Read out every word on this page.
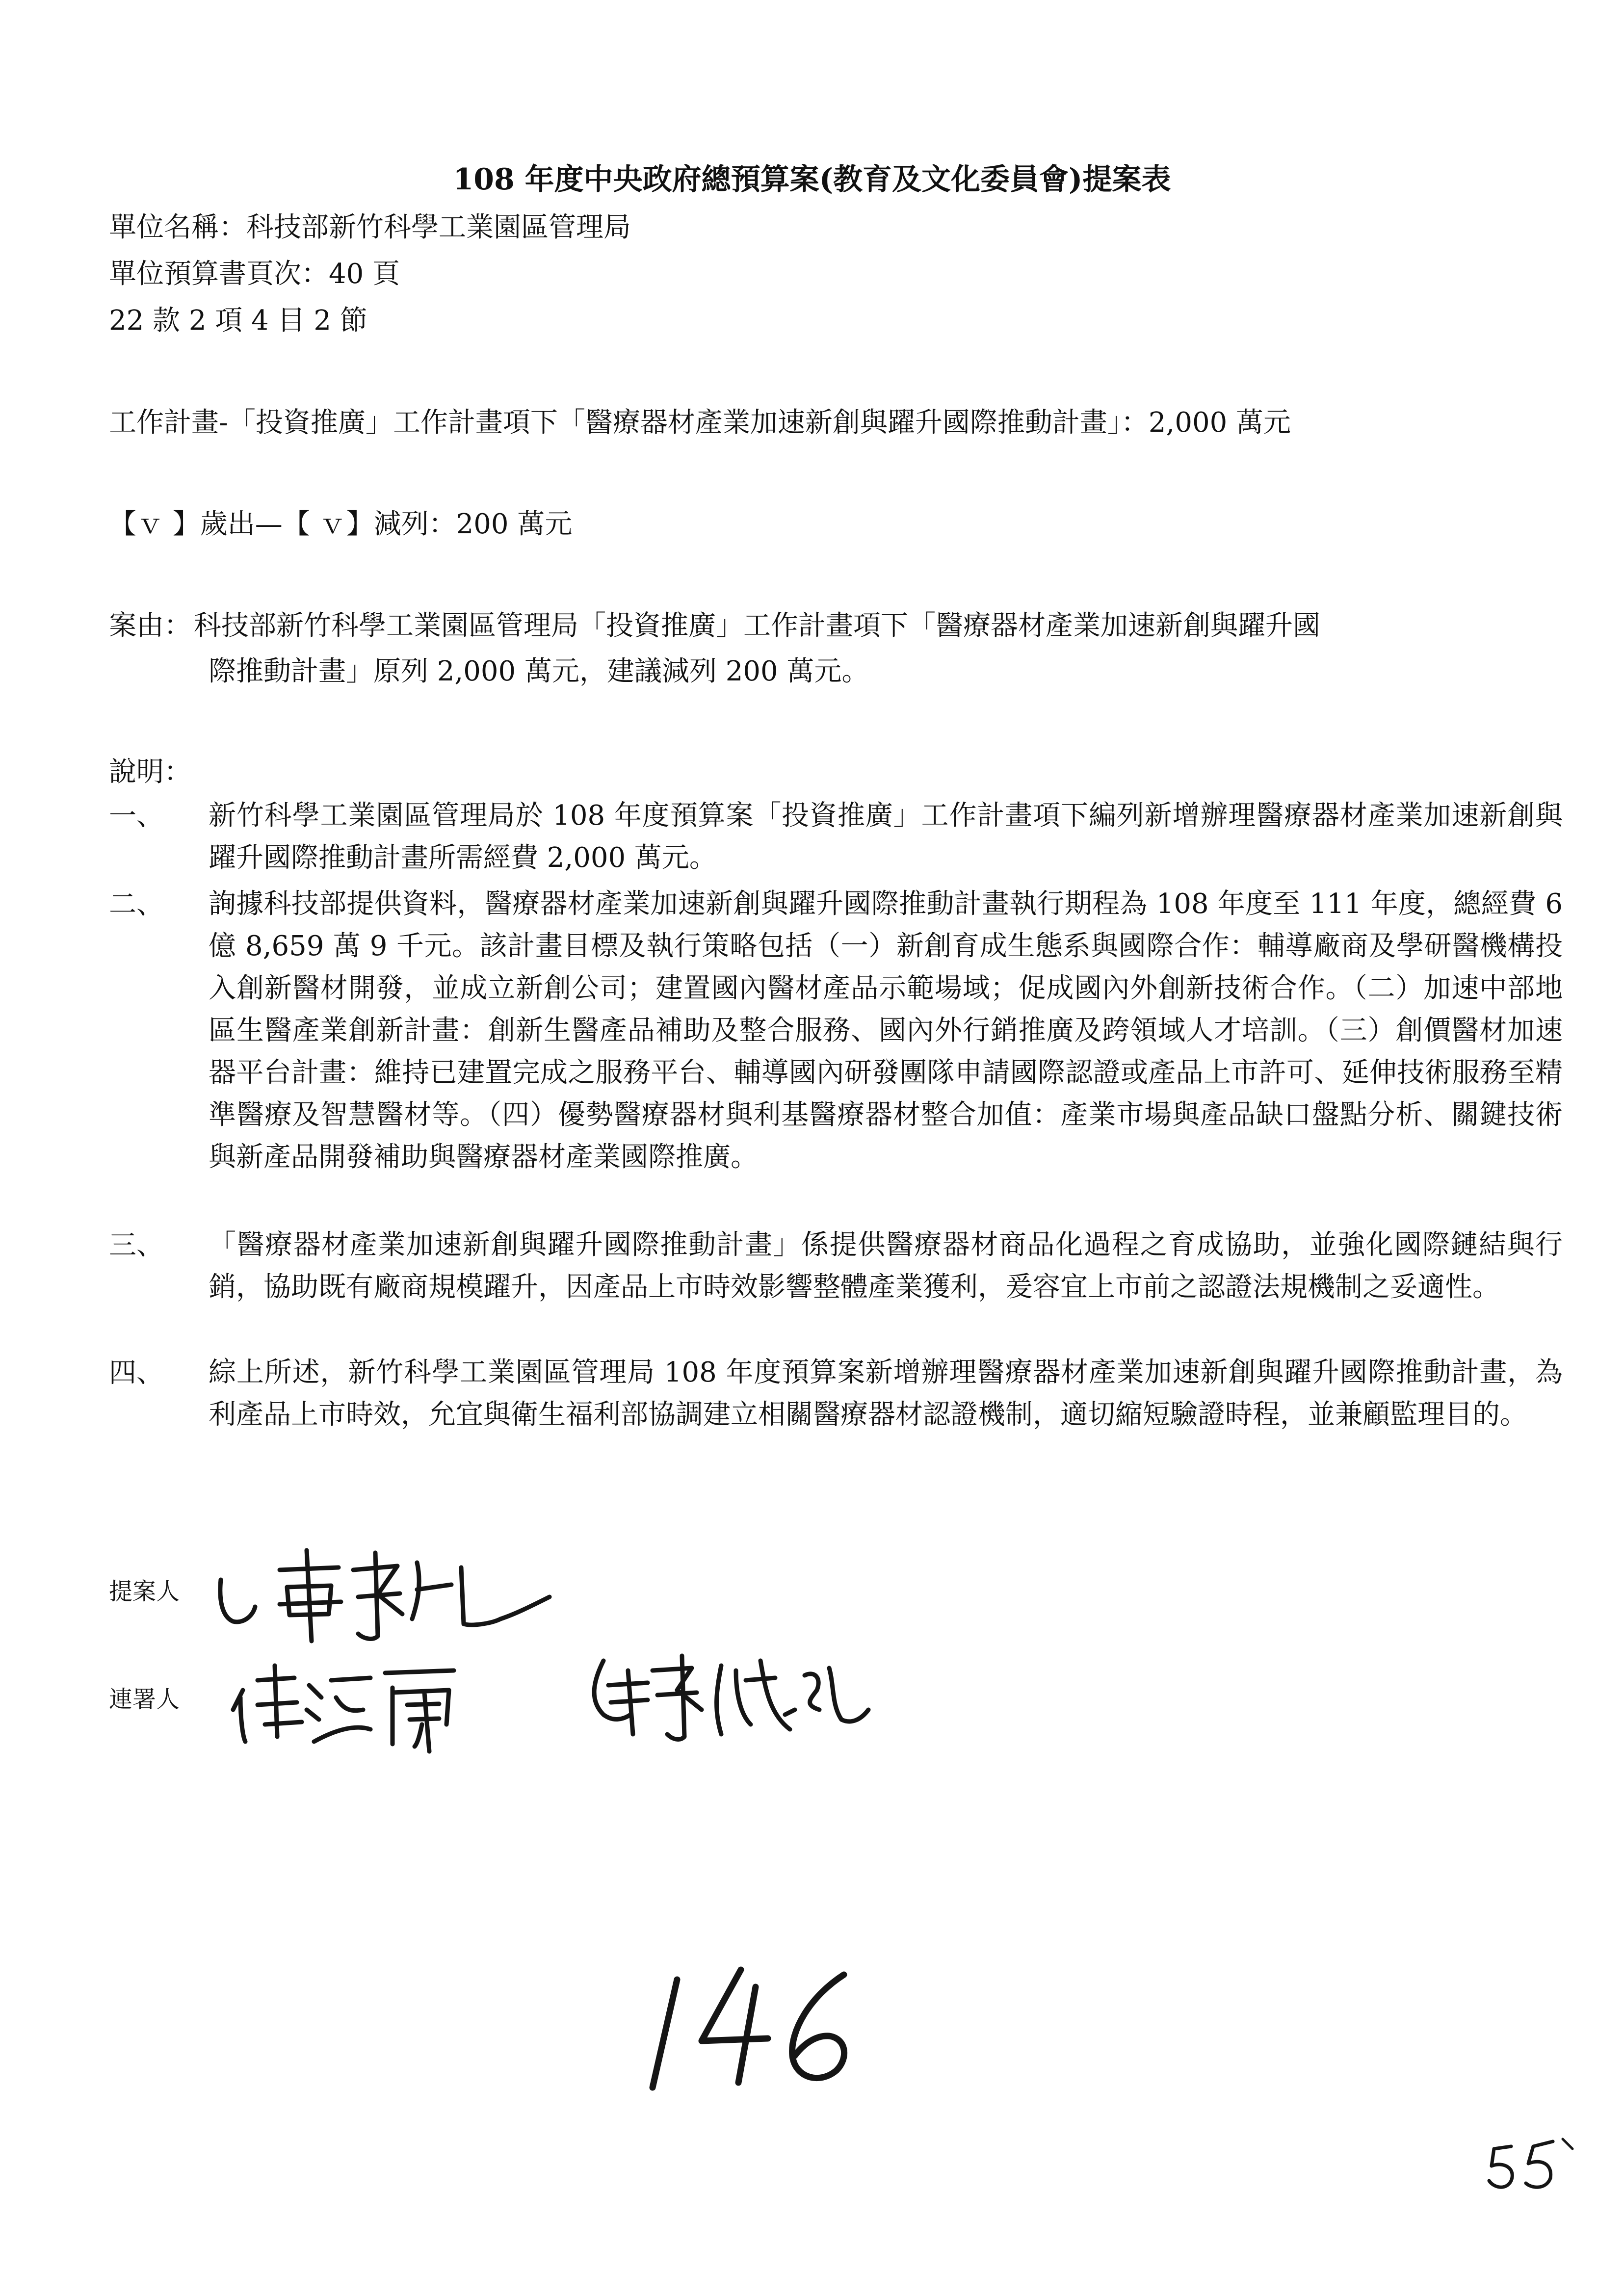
108 年度中央政府總預算案(教育及文化委員會)提案表
單位名稱：科技部新竹科學工業園區管理局
單位預算書頁次：40 頁
22 款 2 項 4 目 2 節
工作計畫-「投資推廣」工作計畫項下「醫療器材產業加速新創與躍升國際推動計畫」：2,000 萬元
【ｖ 】歲出—【 ｖ】減列：200 萬元
案由： 科技部新竹科學工業園區管理局「投資推廣」工作計畫項下「醫療器材產業加速新創與躍升國
際推動計畫」原列 2,000 萬元，建議減列 200 萬元。
說明：
一、 新竹科學工業園區管理局於 108 年度預算案「投資推廣」工作計畫項下編列新增辦理醫療器材產業加速新創與躍升國際推動計畫所需經費 2,000 萬元。
二、 詢據科技部提供資料，醫療器材產業加速新創與躍升國際推動計畫執行期程為 108 年度至 111 年度，總經費 6 億 8,659 萬 9 千元。該計畫目標及執行策略包括（一）新創育成生態系與國際合作：輔導廠商及學研醫機構投入創新醫材開發，並成立新創公司；建置國內醫材產品示範場域；促成國內外創新技術合作。（二）加速中部地區生醫產業創新計畫：創新生醫產品補助及整合服務、國內外行銷推廣及跨領域人才培訓。（三）創價醫材加速器平台計畫：維持已建置完成之服務平台、輔導國內研發團隊申請國際認證或產品上市許可、延伸技術服務至精準醫療及智慧醫材等。（四）優勢醫療器材與利基醫療器材整合加值：產業市場與產品缺口盤點分析、關鍵技術與新產品開發補助與醫療器材產業國際推廣。
三、 「醫療器材產業加速新創與躍升國際推動計畫」係提供醫療器材商品化過程之育成協助，並強化國際鏈結與行銷，協助既有廠商規模躍升，因產品上市時效影響整體產業獲利，爰容宜上市前之認證法規機制之妥適性。
四、 綜上所述，新竹科學工業園區管理局 108 年度預算案新增辦理醫療器材產業加速新創與躍升國際推動計畫，為利產品上市時效，允宜與衛生福利部協調建立相關醫療器材認證機制，適切縮短驗證時程，並兼顧監理目的。
提案人
連署人
